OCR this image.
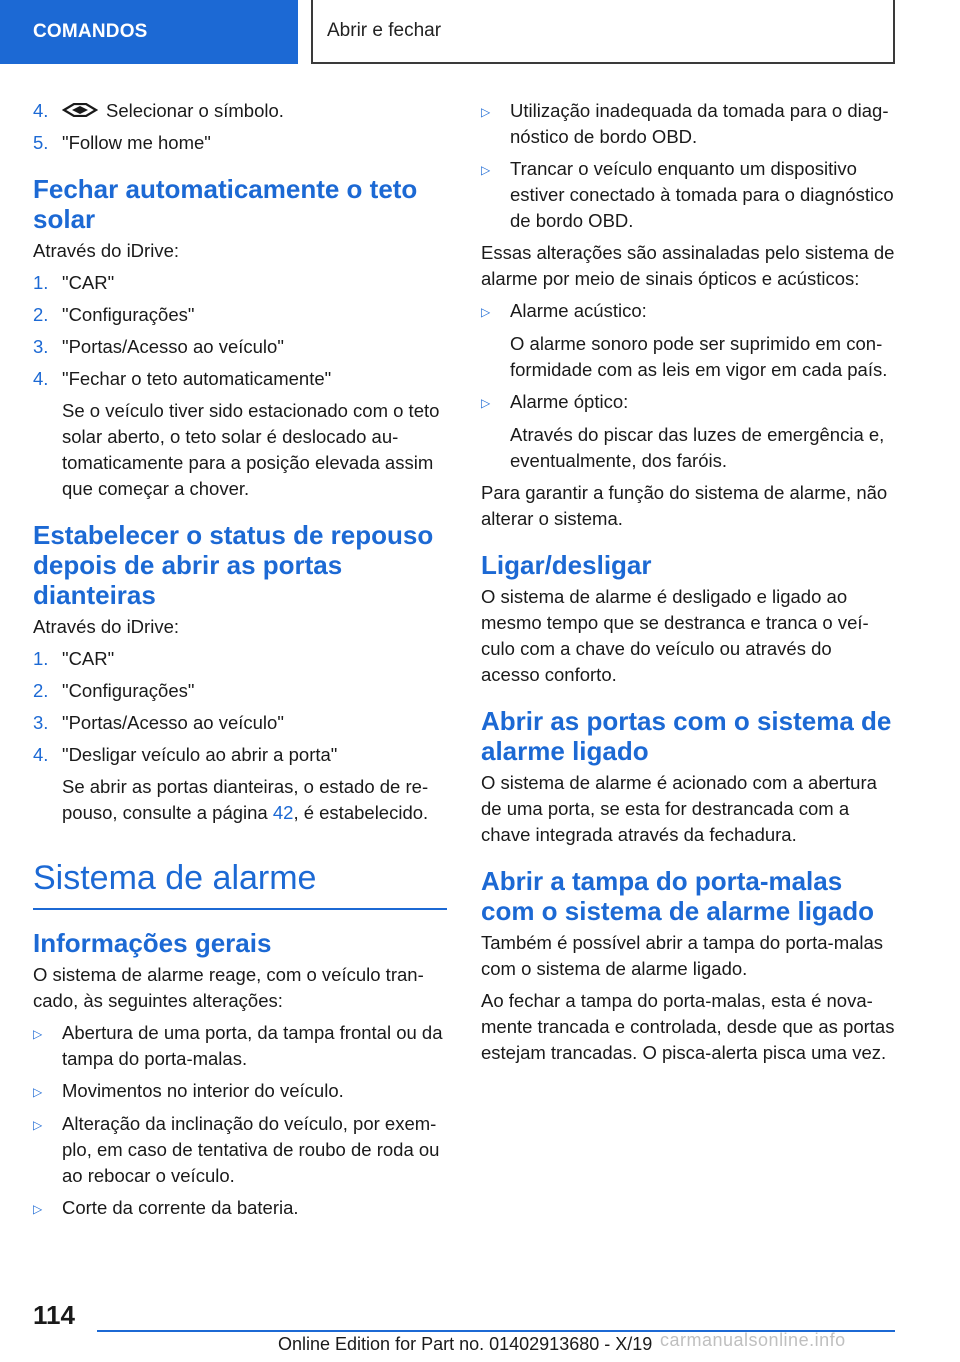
COMANDOS	Abrir e fechar
4.	Selecionar o símbolo.
5. "Follow me home"
Fechar automaticamente o teto solar
Através do iDrive:
1. "CAR"
2. "Configurações"
3. "Portas/Acesso ao veículo"
4. "Fechar o teto automaticamente"
Se o veículo tiver sido estacionado com o teto solar aberto, o teto solar é deslocado automaticamente para a posição elevada assim que começar a chover.
Estabelecer o status de repouso depois de abrir as portas dianteiras
Através do iDrive:
1. "CAR"
2. "Configurações"
3. "Portas/Acesso ao veículo"
4. "Desligar veículo ao abrir a porta"
Se abrir as portas dianteiras, o estado de repouso, consulte a página 42, é estabelecido.
Sistema de alarme
Informações gerais
O sistema de alarme reage, com o veículo trancado, às seguintes alterações:
▷	Abertura de uma porta, da tampa frontal ou da tampa do porta-malas.
▷	Movimentos no interior do veículo.
▷	Alteração da inclinação do veículo, por exemplo, em caso de tentativa de roubo de roda ou ao rebocar o veículo.
▷	Corte da corrente da bateria.
▷	Utilização inadequada da tomada para o diagnóstico de bordo OBD.
▷	Trancar o veículo enquanto um dispositivo estiver conectado à tomada para o diagnóstico de bordo OBD.
Essas alterações são assinaladas pelo sistema de alarme por meio de sinais ópticos e acústicos:
▷	Alarme acústico:
O alarme sonoro pode ser suprimido em conformidade com as leis em vigor em cada país.
▷	Alarme óptico:
Através do piscar das luzes de emergência e, eventualmente, dos faróis.
Para garantir a função do sistema de alarme, não alterar o sistema.
Ligar/desligar
O sistema de alarme é desligado e ligado ao mesmo tempo que se destranca e tranca o veículo com a chave do veículo ou através do acesso conforto.
Abrir as portas com o sistema de alarme ligado
O sistema de alarme é acionado com a abertura de uma porta, se esta for destrancada com a chave integrada através da fechadura.
Abrir a tampa do porta-malas com o sistema de alarme ligado
Também é possível abrir a tampa do porta-malas com o sistema de alarme ligado.
Ao fechar a tampa do porta-malas, esta é novamente trancada e controlada, desde que as portas estejam trancadas. O pisca-alerta pisca uma vez.
114
Online Edition for Part no. 01402913680 - X/19 carmanualsonline.info
